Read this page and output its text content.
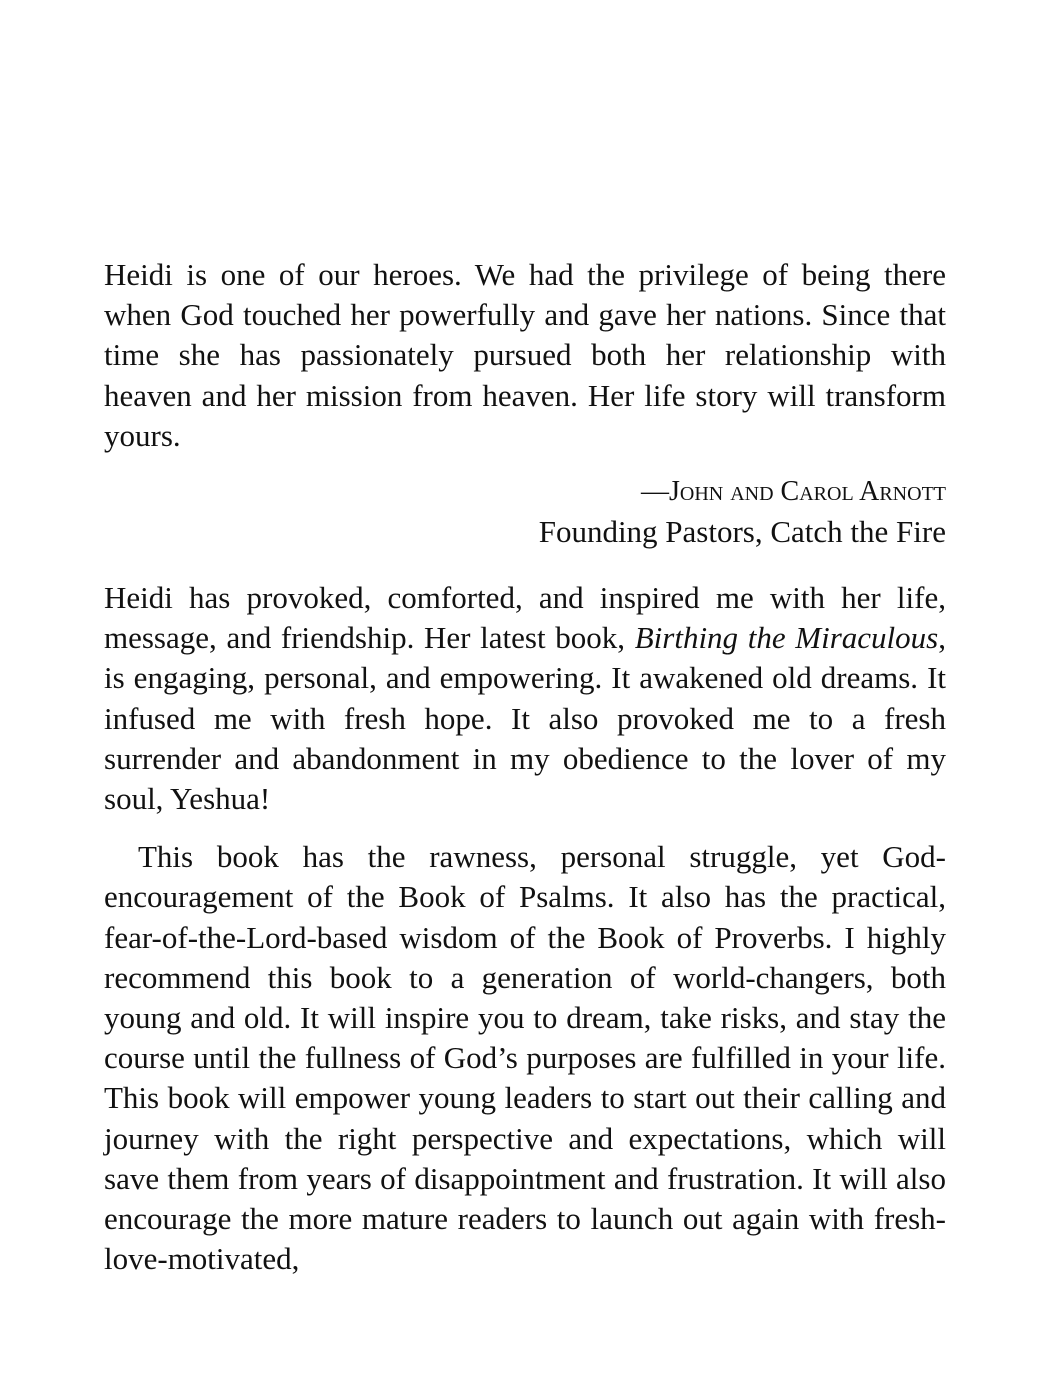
Heidi is one of our heroes. We had the privilege of being there when God touched her powerfully and gave her nations. Since that time she has passionately pursued both her relationship with heaven and her mission from heaven. Her life story will transform yours.

—John and Carol Arnott
Founding Pastors, Catch the Fire

Heidi has provoked, comforted, and inspired me with her life, message, and friendship. Her latest book, Birthing the Miraculous, is engaging, personal, and empowering. It awakened old dreams. It infused me with fresh hope. It also provoked me to a fresh surrender and abandonment in my obedience to the lover of my soul, Yeshua!

This book has the rawness, personal struggle, yet God-encouragement of the Book of Psalms. It also has the practical, fear-of-the-Lord-based wisdom of the Book of Proverbs. I highly recommend this book to a generation of world-changers, both young and old. It will inspire you to dream, take risks, and stay the course until the fullness of God’s purposes are fulfilled in your life. This book will empower young leaders to start out their calling and journey with the right perspective and expectations, which will save them from years of disappointment and frustration. It will also encourage the more mature readers to launch out again with fresh-love-motivated,
